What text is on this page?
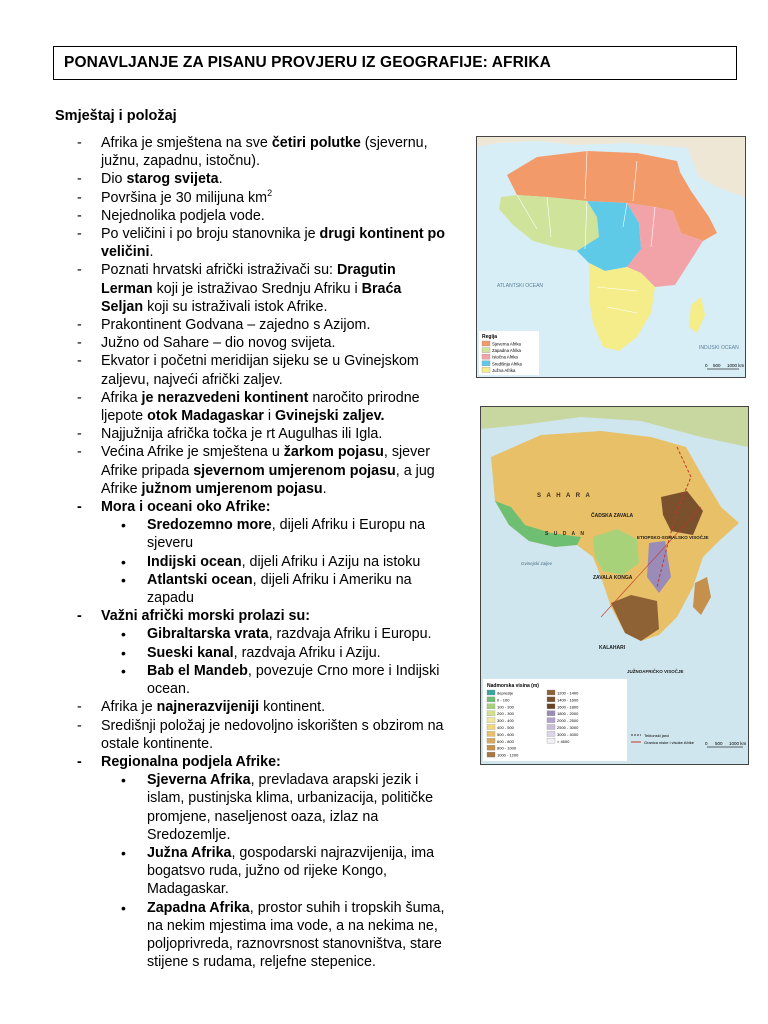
PONAVLJANJE ZA PISANU PROVJERU IZ GEOGRAFIJE: AFRIKA
Smještaj i položaj
- Afrika je smještena na sve četiri polutke (sjevernu,
južnu, zapadnu, istočnu).
- Dio starog svijeta.
- Površina je 30 milijuna $km^2$
- Nejednolika podjela vode.
- Po veličini i po broju stanovnika je drugi kontinent po
veličini.
- Poznati hrvatski afrički istraživači su: Dragutin
Lerman koji je istraživao Srednju Afriku i Braća
Seljan koji su istraživali istok Afrike.
- Prakontinent Godvana – zajedno s Azijom.
- Južno od Sahare – dio novog svijeta.
- Ekvator i početni meridijan sijeku se u Gvinejskom
zaljevu, najveći afrički zaljev.
- Afrika je nerazvedeni kontinent naročito prirodne
ljepote otok Madagaskar i Gvinejski zaljev.
- Najjužnija afrička točka je rt Augulhas ili Igla.
- Većina Afrike je smještena u žarkom pojasu, sjever
Afrike pripada sjevernom umjerenom pojasu, a jug
Afrike južnom umjerenom pojasu.
- Mora i oceani oko Afrike:
• Sredozemno more, dijeli Afriku i Europu na
sjeveru
• Indijski ocean, dijeli Afriku i Aziju na istoku
• Atlantski ocean, dijeli Afriku i Ameriku na
zapadu
- Važni afrički morski prolazi su:
• Gibraltarska vrata, razdvaja Afriku i Europu.
• Sueski kanal, razdvaja Afriku i Aziju.
• Bab el Mandeb, povezuje Crno more i Indijski
ocean.
- Afrika je najnerazvijeniji kontinent.
- Središnji položaj je nedovoljno iskorišten s obzirom na
ostale kontinente.
- Regionalna podjela Afrike:
• Sjeverna Afrika, prevladava arapski jezik i
islam, pustinjska klima, urbanizacija, političke
promjene, naseljenost oaza, izlaz na
Sredozemlje.
• Južna Afrika, gospodarski najrazvijenija, ima
bogatsvo ruda, južno od rijeke Kongo,
Madagaskar.
• Zapadna Afrika, prostor suhih i tropskih šuma,
na nekim mjestima ima vode, a na nekima ne,
poljoprivreda, raznovrsnost stanovništva, stare
stijene s rudama, reljefne stepenice.
ATLANTSKI OCEAN
INDIJSKI OCEAN
Regija
Sjeverna Afrika
Zapadna Afrika
Istočna Afrika
Središnja Afrika
Južna Afrika
0 500 1000 km
S A H A R A
S U D A N
ČADSKA ZAVALA
ZAVALA KONGA
KALAHARI
JUŽNOAFRIČKO VISOČJE
ETIOPSKO-SOMALSKO VISOČJE
Gvinejski zaljev
Nadmorska visina (m)
depresije
0 - 100
100 - 200
200 - 300
300 - 400
400 - 500
500 - 600
600 - 800
800 - 1000
1000 - 1200
1200 - 1400
1400 - 1600
1600 - 1800
1800 - 2000
2000 - 2500
2500 - 3000
3000 - 4000
> 4500
Tektonski jarci
Granica niske i visoke Afrike 0 500 1000 km
